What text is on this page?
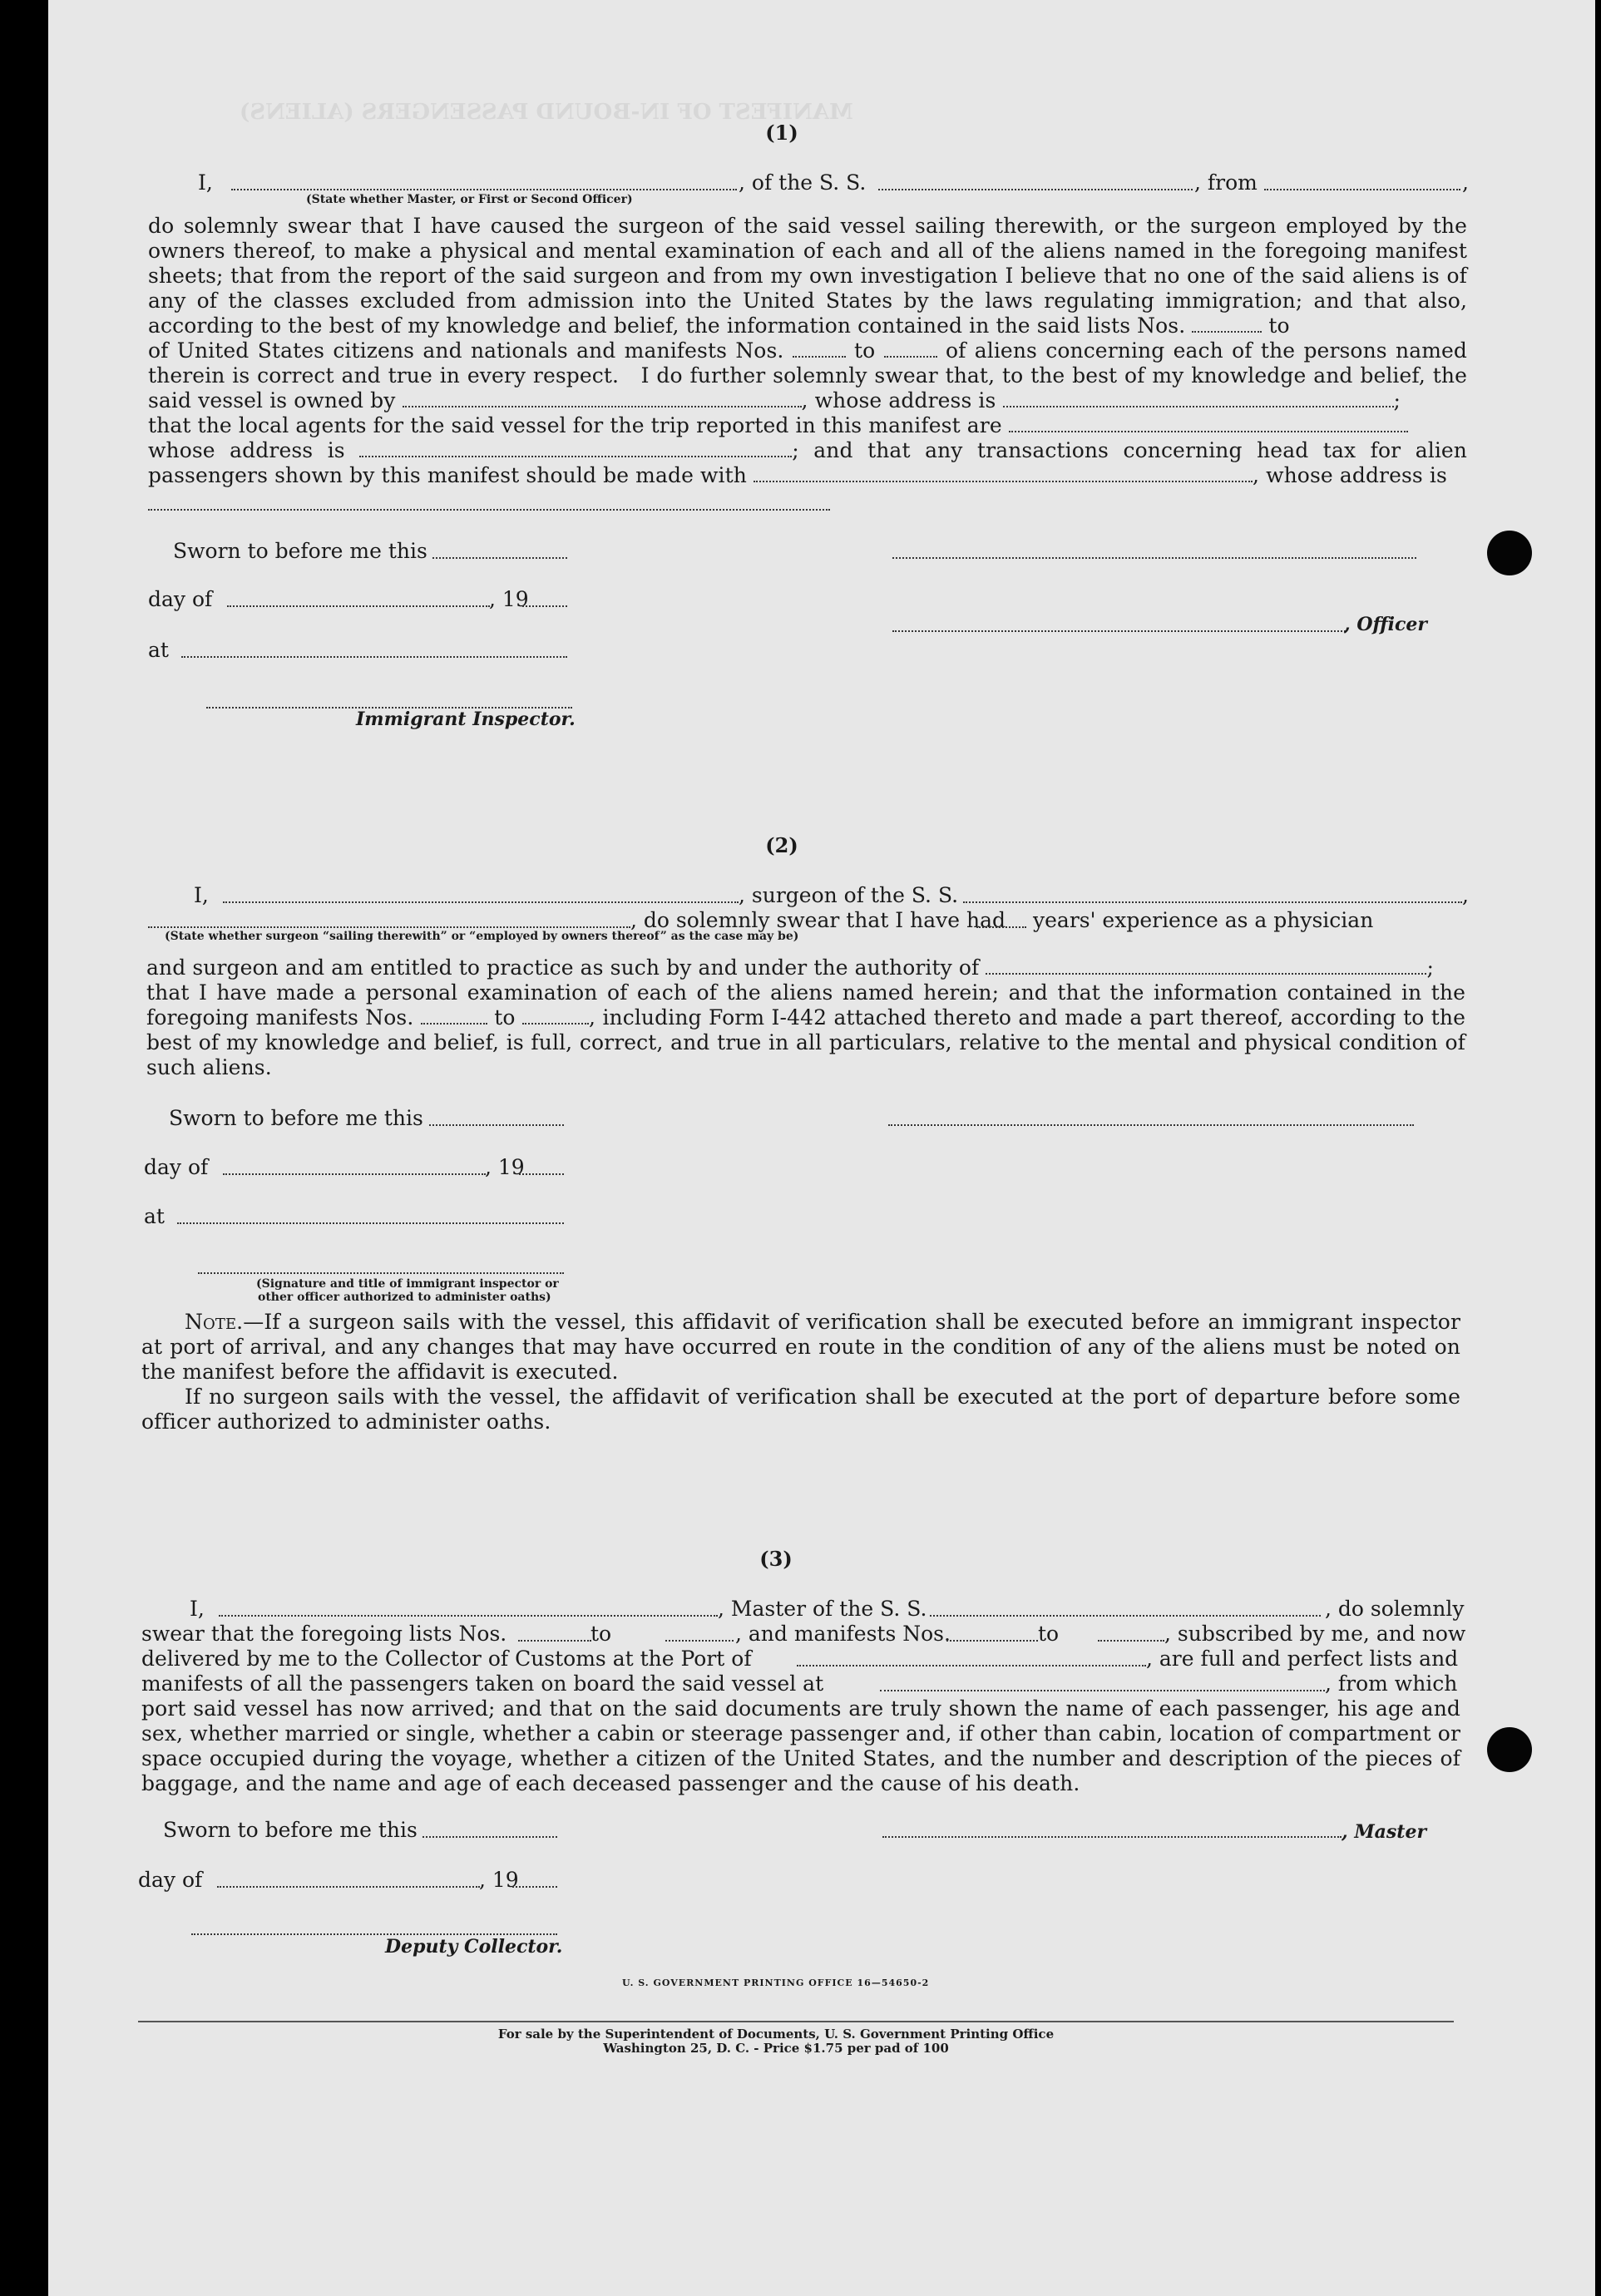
MANIFEST OF IN-BOUND PASSENGERS (ALIENS)
(1)
I,	, of the S. S.	, from	,
(State whether Master, or First or Second Officer)

do solemnly swear that I have caused the surgeon of the said vessel sailing therewith, or the surgeon employed by the owners thereof, to make a physical and mental examination of each and all of the aliens named in the foregoing manifest sheets; that from the report of the said surgeon and from my own investigation I believe that no one of the said aliens is of any of the classes excluded from admission into the United States by the laws regulating immigration; and that also, according to the best of my knowledge and belief, the information contained in the said lists Nos.	to

of United States citizens and nationals and manifests Nos.	to	of aliens concerning each of the persons named therein is correct and true in every respect. I do further solemnly swear that, to the best of my knowledge and belief, the said vessel is owned by	, whose address is	;

that the local agents for the said vessel for the trip reported in this manifest are

whose address is	; and that any transactions concerning head tax for alien passengers shown by this manifest should be made with	, whose address is

Sworn to before me this
day of	, 19
at
, Officer
Immigrant Inspector.
(2)
I,	, surgeon of the S. S.	,
, do solemnly swear that I have had years' experience as a physician
(State whether surgeon “sailing therewith” or “employed by owners thereof” as the case may be)

and surgeon and am entitled to practice as such by and under the authority of	;

that I have made a personal examination of each of the aliens named herein; and that the information contained in the foregoing manifests Nos.	to	, including Form I-442 attached thereto and made a part thereof, according to the best of my knowledge and belief, is full, correct, and true in all particulars, relative to the mental and physical condition of such aliens.

Sworn to before me this
day of	, 19
at
(Signature and title of immigrant inspector or
other officer authorized to administer oaths)

Note.—If a surgeon sails with the vessel, this affidavit of verification shall be executed before an immigrant inspector at port of arrival, and any changes that may have occurred en route in the condition of any of the aliens must be noted on the manifest before the affidavit is executed.

If no surgeon sails with the vessel, the affidavit of verification shall be executed at the port of departure before some officer authorized to administer oaths.

(3)
I,	, Master of the S. S.	, do solemnly
swear that the foregoing lists Nos.	to	, and manifests Nos.	to	, subscribed by me, and now
delivered by me to the Collector of Customs at the Port of	, are full and perfect lists and
manifests of all the passengers taken on board the said vessel at	, from which

port said vessel has now arrived; and that on the said documents are truly shown the name of each passenger, his age and sex, whether married or single, whether a cabin or steerage passenger and, if other than cabin, location of compartment or space occupied during the voyage, whether a citizen of the United States, and the number and description of the pieces of baggage, and the name and age of each deceased passenger and the cause of his death.

Sworn to before me this	, Master
day of	, 19
Deputy Collector.
U. S. GOVERNMENT PRINTING OFFICE 16—54650-2
For sale by the Superintendent of Documents, U. S. Government Printing Office
Washington 25, D. C. - Price $1.75 per pad of 100
